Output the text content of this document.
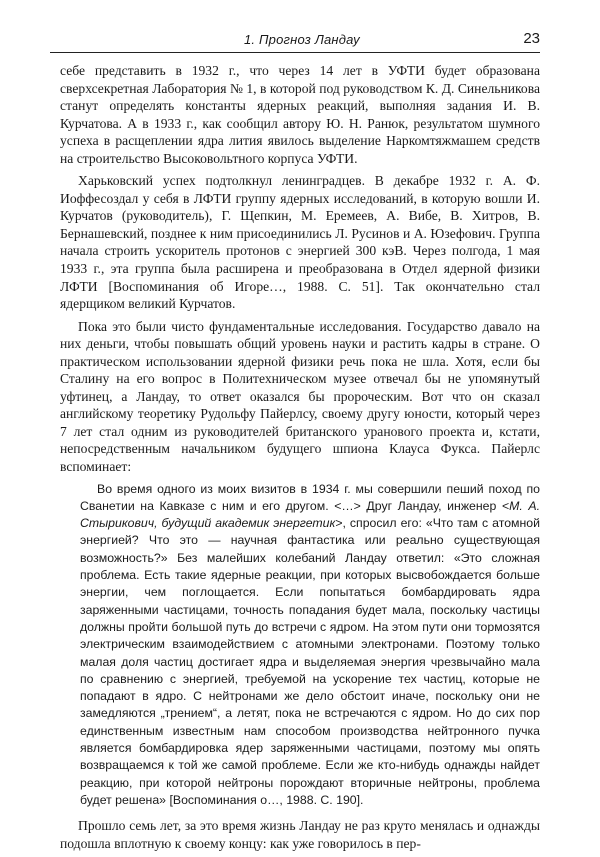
1. Прогноз Ландау	23

себе представить в 1932 г., что через 14 лет в УФТИ будет образована сверхсекретная Лаборатория № 1, в которой под руководством К. Д. Синельникова станут определять константы ядерных реакций, выполняя задания И. В. Курчатова. А в 1933 г., как сообщил автору Ю. Н. Ранюк, результатом шумного успеха в расщеплении ядра лития явилось выделение Наркомтяжмашем средств на строительство Высоковольтного корпуса УФТИ.

Харьковский успех подтолкнул ленинградцев. В декабре 1932 г. А. Ф. Иоффесоздал у себя в ЛФТИ группу ядерных исследований, в которую вошли И. Курчатов (руководитель), Г. Щепкин, М. Еремеев, А. Вибе, В. Хитров, В. Бернашевский, позднее к ним присоединились Л. Русинов и А. Юзефович. Группа начала строить ускоритель протонов с энергией 300 кэВ. Через полгода, 1 мая 1933 г., эта группа была расширена и преобразована в Отдел ядерной физики ЛФТИ [Воспоминания об Игоре…, 1988. С. 51]. Так окончательно стал ядерщиком великий Курчатов.

Пока это были чисто фундаментальные исследования. Государство давало на них деньги, чтобы повышать общий уровень науки и растить кадры в стране. О практическом использовании ядерной физики речь пока не шла. Хотя, если бы Сталину на его вопрос в Политехническом музее отвечал бы не упомянутый уфтинец, а Ландау, то ответ оказался бы пророческим. Вот что он сказал английскому теоретику Рудольфу Пайерлсу, своему другу юности, который через 7 лет стал одним из руководителей британского уранового проекта и, кстати, непосредственным начальником будущего шпиона Клауса Фукса. Пайерлс вспоминает:

Во время одного из моих визитов в 1934 г. мы совершили пеший поход по Сванетии на Кавказе с ним и его другом. <…> Друг Ландау, инженер <М. А. Стырикович, будущий академик энергетик>, спросил его: «Что там с атомной энергией? Что это — научная фантастика или реально существующая возможность?» Без малейших колебаний Ландау ответил: «Это сложная проблема. Есть такие ядерные реакции, при которых высвобождается больше энергии, чем поглощается. Если попытаться бомбардировать ядра заряженными частицами, точность попадания будет мала, поскольку частицы должны пройти большой путь до встречи с ядром. На этом пути они тормозятся электрическим взаимодействием с атомными электронами. Поэтому только малая доля частиц достигает ядра и выделяемая энергия чрезвычайно мала по сравнению с энергией, требуемой на ускорение тех частиц, которые не попадают в ядро. С нейтронами же дело обстоит иначе, поскольку они не замедляются „трением“, а летят, пока не встречаются с ядром. Но до сих пор единственным известным нам способом производства нейтронного пучка является бомбардировка ядер заряженными частицами, поэтому мы опять возвращаемся к той же самой проблеме. Если же кто-нибудь однажды найдет реакцию, при которой нейтроны порождают вторичные нейтроны, проблема будет решена» [Воспоминания о…, 1988. С. 190].

Прошло семь лет, за это время жизнь Ландау не раз круто менялась и однажды подошла вплотную к своему концу: как уже говорилось в пер-
